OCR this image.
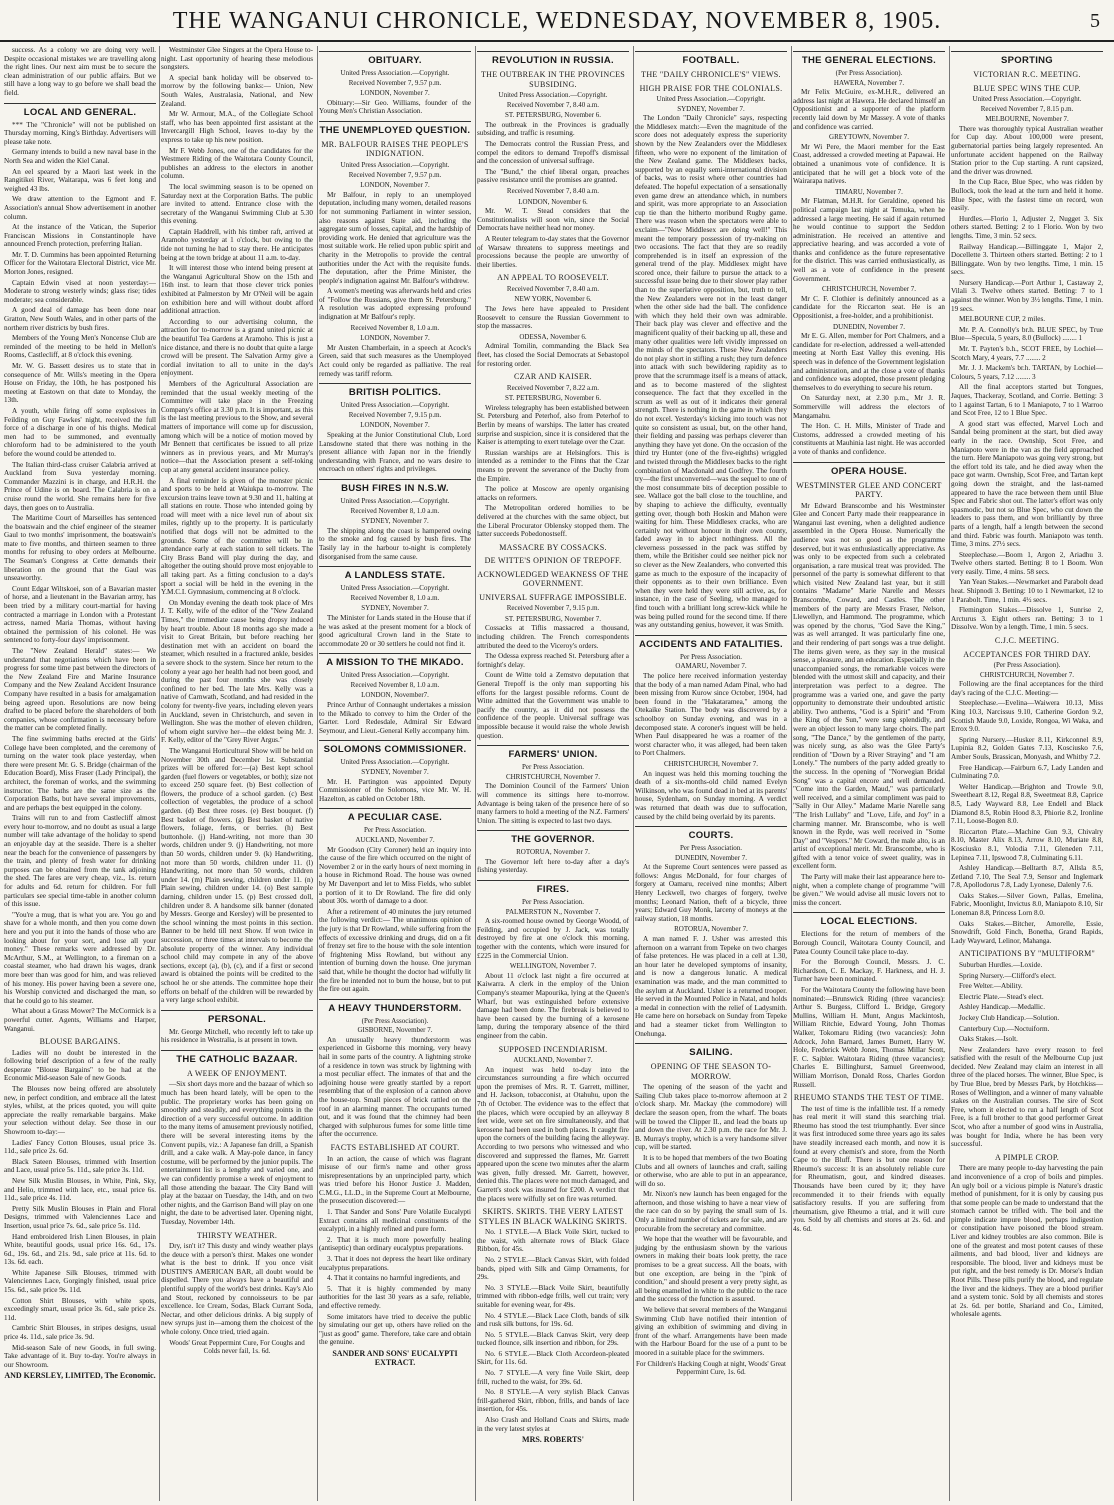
THE WANGANUI CHRONICLE, WEDNESDAY, NOVEMBER 8, 1905.	5

success. As a colony we are doing very well. Despite occasional mistakes we are travelling along the right lines. Our next aim must be to secure the clean administration of our public affairs. But we still have a long way to go before we shall bead the field.

LOCAL AND GENERAL.

*** The "Chronicle" will not be published on Thursday morning, King's Birthday. Advertisers will please take note.

Germany intends to build a new naval base in the North Sea and widen the Kiel Canal.

An eel speared by a Maori last week in the Rangitikei River, Waitarapa, was 6 feet long and weighed 43 lbs.

We draw attention to the Egmont and F. Association's annual Show advertisement in another column.

At the instance of the Vatican, the Superior Franciscan Missions in Constantinople have announced French protection, preferring Italian.

Mr. T. D. Cummins has been appointed Returning Officer for the Waitotara Electoral District, vice Mr. Morton Jones, resigned.

Captain Edwin vised at noon yesterday:—Moderate to strong westerly winds; glass rise; tides moderate; sea considerable.

A good deal of damage has been done near Gratton, New South Wales, and in other parts of the northern river districts by bush fires.

Members of the Young Men's Noncense Club are reminded of the meeting to be held in Mellon's Rooms, Castlecliff, at 8 o'clock this evening.

Mr. W. G. Bassett desires us to state that in consequence of Mr. Wills's meeting in the Opera House on Friday, the 10th, he has postponed his meeting at Eastown on that date to Monday, the 13th.

A youth, while firing off some explosives in Feilding on Guy Fawkes' night, received the full force of a discharge in one of his thighs. Medical men had to be summoned, and eventually chloroform had to be administered to the youth before the wound could be attended to.

The Italian third-class cruiser Calabria arrived at Auckland from Suva yesterday morning. Commander Mazzini is in charge, and H.R.H. the Prince of Udine is on board. The Calabria is on a cruise round the world. She remains here for five days, then goes on to Australia.

The Maritime Court of Marseilles has sentenced the boatswain and the chief engineer of the steamer Gaul to two months' imprisonment, the boatswain's mate to five months, and thirteen seamen to three months for refusing to obey orders at Melbourne. The Seaman's Congress at Cette demands their liberation on the ground that the Gaul was unseaworthy.

Count Edgar Wiltskoei, son of a Bavarian master of horse, and a lieutenant in the Bavarian army, has been tried by a military court-martial for having contracted a marriage in London with a Protestant actress, named Maria Thomas, without having obtained the permission of his colonel. He was sentenced to forty-four days' imprisonment.

The "New Zealand Herald" states:— We understand that negotiations which have been in progress for some time past between the directors of the New Zealand Fire and Marine Insurance Company and the New Zealand Accident Insurance Company have resulted in a basis for amalgamation being agreed upon. Resolutions are now being drafted to be placed before the shareholders of both companies, whose confirmation is necessary before the matter can be completed finally.

The fine swimming baths erected at the Girls' College have been completed, and the ceremony of turning on the water took place yesterday, when there were present Mr. G. S. Bridge (chairman of the Education Board), Miss Fraser (Lady Principal), the architect, the foreman of works, and the swimming instructor. The baths are the same size as the Corporation Baths, but have several improvements, and are perhaps the best equipped in the colony.

Trains will run to and from Castlecliff almost every hour to-morrow, and no doubt as usual a large number will take advantage of the holiday to spend an enjoyable day at the seaside. There is a shelter near the beach for the convenience of passengers by the train, and plenty of fresh water for drinking purposes can be obtained from the tank adjoining the shed. The fares are very cheap, viz., 1s. return for adults and 6d. return for children. For full particulars see special time-table in another column of this issue.

"You're a mug, that is what you are. You go and shave for a whole month, and then you come down here and you put it into the hands of those who are looking about for your sort, and lose all your money." These remarks were addressed by Dr. McArthur, S.M., at Wellington, to a fireman on a coastal steamer, who had drawn his wages, drank more beer than was good for him, and was relieved of his money. His power having been a severe one, his Worship convicted and discharged the man, so that he could go to his steamer.

What about a Grass Mower? The McCormick is a powerful cutter. Agents, Williams and Harper, Wanganui.

BLOUSE BARGAINS.

Ladies will no doubt be interested in the following brief description of a few of the really desperate "Blouse Bargains" to be had at the Economic Mid-season Sale of new Goods.

The Blouses now being offered are absolutely new, in perfect condition, and embrace all the latest styles, whilst, at the prices quoted, you will quite appreciate the really remarkable bargains. Make your selection without delay. See those in our Showroom to-day:—

Ladies' Fancy Cotton Blouses, usual price 3s. 11d., sale price 2s. 6d.

Black Sateen Blouses, trimmed with Insertion and Lace, usual price 5s. 11d., sale price 3s. 11d.

New Silk Muslin Blouses, in White, Pink, Sky, and Helio, trimmed with lace, etc., usual price 6s. 11d., sale price 4s. 11d.

Pretty Silk Muslin Blouses in Plain and Floral Designs, trimmed with Valenciennes Lace and Insertion, usual price 7s. 6d., sale price 5s. 11d.

Hand embroidered Irish Linen Blouses, in plain White, beautiful goods, usual price 16s. 6d., 17s. 6d., 19s. 6d., and 21s. 9d., sale price at 11s. 6d. to 13s. 6d. each.

White Japanese Silk Blouses, trimmed with Valenciennes Lace, Gorgingly finished, usual price 15s. 6d., sale price 9s. 11d.

Cotton Shirt Blouses, with white spots, exceedingly smart, usual price 3s. 6d., sale price 2s. 11d.

Cambric Shirt Blouses, in stripes designs, usual price 4s. 11d., sale price 3s. 9d.

Mid-season Sale of new Goods, in full swing. Take advantage of it. Buy to-day. You're always in our Showroom.

AND KERSLEY, LIMITED, The Economic.

Westminster Glee Singers at the Opera House to-night. Last opportunity of hearing these melodious songsters.

A special bank holiday will be observed to-morrow by the following banks:— Union, New South Wales, Australasia, National, and New Zealand.

Mr W. Armour, M.A., of the Collegiate School staff, who has been appointed first assistant at the Invercargill High School, leaves to-day by the express to take up his new position.

Mr F. Webb Jones, one of the candidates for the Westmere Riding of the Waitotara County Council, publishes an address to the electors in another column.

The local swimming season is to be opened on Saturday next at the Corporation Baths. The public are invited to attend. Entrance close with the secretary of the Wanganui Swimming Club at 5.30 this evening.

Captain Haddrell, with his timber raft, arrived at Aramoho yesterday at 1 o'clock, but owing to the tide not turning he had to stay there. He anticipates being at the town bridge at about 11 a.m. to-day.

It will interest those who intend being present at the Wanganui Agricultural Show on the 15th and 16th inst. to learn that those clever trick ponies exhibited at Palmerston by Mr O'Neil will be again on exhibition here and will without doubt afford additional attraction.

According to our advertising column, the attraction for to-morrow is a grand united picnic at the beautiful Tea Gardens at Aramoho. This is just a nice distance, and there is no doubt that quite a large crowd will be present. The Salvation Army give a cordial invitation to all to unite in the day's enjoyment.

Members of the Agricultural Association are reminded that the usual weekly meeting of the Committee will take place in the Freezing Company's office at 3.30 p.m. It is important, as this is the last meeting previous to the Show, and several matters of importance will come up for discussion, among which will be a notice of motion moved by Mr Bennett that certificates be issued to all prize winners as in previous years, and Mr Murray's notice—that the Association present a self-toking cup at any general accident insurance policy.

A final reminder is given of the monster picnic and sports to be held at Waiukpa to-morrow. The excursion trains leave town at 9.30 and 11, halting at all stations en route. Those who intended going by road will meet with a nice level run of about six miles, rightly up to the property. It is particularly notified that dogs will not be admitted to the grounds. Some of the committee will be in attendance early at each station to sell tickets. The City Brass Band will play during the day, and altogether the outing should prove most enjoyable to all taking part. As a fitting conclusion to a day's sport a social will be held in the evening in the Y.M.C.I. Gymnasium, commencing at 8 o'clock.

On Monday evening the death took place of Mrs J. T. Kelly, wife of the editor of the "New Zealand Times," the immediate cause being dropsy induced by heart trouble. About 18 months ago she made a visit to Great Britain, but before reaching her destination met with an accident on board the steamer, which resulted in a fractured ankle, besides a severe shock to the system. Since her return to the colony a year ago her health had not been good, and during the past four months she was closely confined to her bed. The late Mrs. Kelly was a native of Carnwath, Scotland, and had resided in the colony for twenty-five years, including eleven years in Auckland, seven in Christchurch, and seven in Wellington. She was the mother of eleven children, of whom eight survive her—the eldest being Mr. J. F. Kelly, editor of the "Grey River Argus."

The Wanganui Horticultural Show will be held on November 30th and December 1st. Substantial prizes will be offered for:—(a) Best kept school garden (fuel flowers or vegetables, or both); size not to exceed 250 square feet. (b) Best collection of flowers, the produce of a school garden. (c) Best collection of vegetables, the produce of a school garden. (d) Best three roses. (e) Best bouquet. (f) Best basket of flowers. (g) Best basket of native flowers, foliage, ferns, or berries. (h) Best buttonhole. (j) Hand-writing, not more than 30 words, children under 9. (j) Handwriting, not more than 50 words, children under 9. (k) Handwriting, not more than 50 words, children under 11. (l) Handwriting, not more than 50 words, children under 14. (m) Plain sewing, children under 11. (n) Plain sewing, children under 14. (o) Best sample darning, children under 15. (p) Best crossed doll, children under 8. A handsome silk banner (donated by Messrs. George and Kersley) will be presented to the school winning the most points in this section. Banner to be held till next Show. If won twice in succession, or three times at intervals to become the absolute property of the winner. Any individual school child may compete in any of the above sections, except (a), (b), (c), and if a first or second award is obtained the points will be credited to the school he or she attends. The committee hope their efforts on behalf of the children will be rewarded by a very large school exhibit.

PERSONAL.

Mr. George Mitchell, who recently left to take up his residence in Westralia, is at present in town.

THE CATHOLIC BAZAAR.
A WEEK OF ENJOYMENT.

—Six short days more and the bazaar of which so much has been heard lately, will be open to the public. The proprietary works has been going on smoothly and steadily, and everything points in the direction of a very successful outcome. In addition to the many items of amusement previously notified, there will be several interesting items by the Convent pupils, viz.: A Japanese fan drill, a Spanish drill, and a cake walk. A May-pole dance, in fancy costume, will be performed by the junior pupils. The entertainment list is a lengthy and varied one, and we can confidently promise a week of enjoyment to all those attending the bazaar. The City Band will play at the bazaar on Tuesday, the 14th, and on two other nights, and the Garrison Band will play on one night, the date to be advertised later. Opening night, Tuesday, November 14th.

THIRSTY WEATHER.

Dry, isn't it? This dusty and windy weather plays the deuce with a person's thirst. Makes one wonder what is the best to drink. If you once visit DUSTIN'S AMERICAN BAR, all doubt would be dispelled. There you always have a beautiful and plentiful supply of the world's best drinks. Kay's Alo and Stout, reckoned by connoisseurs to be par excellence. Ice Cream, Sodas, Black Currant Soda, Nectar, and other delicious drinks. A big supply of new syrups just in—among them the choicest of the whole colony. Once tried, tried again.

Woods' Great Peppermint Cure, For Coughs and Colds never fail, 1s. 6d.

OBITUARY.

United Press Association.—Copyright.

Received November 7, 9.57 p.m.

LONDON, November 7.

Obituary:—Sir Geo. Williams, founder of the Young Men's Christian Association.

THE UNEMPLOYED QUESTION.
MR. BALFOUR RAISES THE PEOPLE'S INDIGNATION.

United Press Association.—Copyright.

Received November 7, 9.57 p.m.

LONDON, November 7.

Mr Balfour, in reply to an unemployed deputation, including many women, detailed reasons for not summoning Parliament in winter session, also reasons against State aid, including the aggregate sum of losses, capital, and the hardship of providing work. He denied that agriculture was the most suitable work. He relied upon public spirit and charity in the Metropolis to provide the central authorities under the Act with the requisite funds. The deputation, after the Prime Minister, the people's indignation against Mr. Balfour's withdrew.

A women's meeting was afterwards held and cries of "Follow the Russians, give them St. Petersburg." A resolution was adopted expressing profound indignation at Mr Balfour's reply.

Received November 8, 1.0 a.m.

LONDON, November 7.

Mr Austen Chamberlain, in a speech at Acock's Green, said that such measures as the Unemployed Act could only be regarded as palliative. The real remedy was tariff reform.

BRITISH POLITICS.

United Press Association.—Copyright.

Received November 7, 9.15 p.m.

LONDON, November 7.

Speaking at the Junior Constitutional Club, Lord Lansdowne stated that there was nothing in the present alliance with Japan nor in the friendly understanding with France, and no wars desire to encroach on others' rights and privileges.

BUSH FIRES IN N.S.W.

United Press Association.—Copyright.

Received November 8, 1.0 a.m.

SYDNEY, November 7.

The shipping along the coast is hampered owing to the smoke and fog caused by bush fires. The Tasily lay in the harbour to-night is completely disorganised from the same cause.

A LANDLESS STATE.

United Press Association.—Copyright.

Received November 8, 1.0 a.m.

SYDNEY, November 7.

The Minister for Lands stated in the House that if he was asked at the present moment for a block of good agricultural Crown land in the State to accommodate 20 or 30 settlers he could not find it.

A MISSION TO THE MIKADO.

United Press Association.—Copyright.

Received November 8, 1.0 a.m.

LONDON, November7.

Prince Arthur of Connaught undertakes a mission to the Mikado to convey to him the Order of the Garter. Lord Redesdale, Admiral Sir Edward Seymour, and Lieut.-General Kelly accompany him.

SOLOMONS COMMISSIONER.

United Press Association.—Copyright.

SYDNEY, November 7.

Mr. H. Partington was appointed Deputy Commissioner of the Solomons, vice Mr. W. H. Hazelton, as cabled on October 18th.

A PECULIAR CASE.

Per Press Association.

AUCKLAND, November 7.

Mr Goodson (City Coroner) held an inquiry into the cause of the fire which occurred on the night of November 2 or in the early hours of next morning in a house in Richmond Road. The house was owned by Mr Davenport and let to Miss Fields, who sublet a portion of it to Dr Rowland. The fire did only about 30s. worth of damage to a door.

After a retirement of 40 minutes the jury returned the following verdict:— The unanimous opinion of the jury is that Dr Rowland, while suffering from the effects of excessive drinking and drugs, did on a fit of frenzy set fire to the house with the sole intention of frightening Miss Rowland, but without any intention of burning down the house. One juryman said that, while he thought the doctor had wilfully lit the fire he intended not to burn the house, but to put the fire out again.

A HEAVY THUNDERSTORM.

(Per Press Association).

GISBORNE, November 7.

An unusually heavy thunderstorm was experienced in Gisborne this morning, very heavy hail in some parts of the country. A lightning stroke of a residence in town was struck by lightning with a most peculiar effect. The inmates of that and the adjoining house were greatly startled by a report resembling that of the explosion of a cannon above the house-top. Small pieces of brick rattled on the roof in an alarming manner. The occupants turned out, and it was found that the chimney had been charged with sulphurous fumes for some little time after the occurrence.

FACTS ESTABLISHED AT COURT.

In an action, the cause of which was flagrant misuse of our firm's name and other gross misrepresentations by an unprincipled party, which was tried before his Honor Justice J. Madden, C.M.G., LL.D., in the Supreme Court at Melbourne, the prosecution discovered:—

1. That Sander and Sons' Pure Volatile Eucalypti Extract contains all medicinal constituents of the eucalypti, in a highly refined and pure form.

2. That it is much more powerfully healing (antiseptic) than ordinary eucalyptus preparations.

3. That it does not depress the heart like ordinary eucalyptus preparations.

4. That it contains no harmful ingredients, and

5. That it is highly commended by many authorities for the last 30 years as a safe, reliable, and effective remedy.

Some imitators have tried to deceive the public by simulating our get up, others have relied on the "just as good" game. Therefore, take care and obtain the genuine.

SANDER AND SONS' EUCALYPTI EXTRACT.

REVOLUTION IN RUSSIA.
THE OUTBREAK IN THE PROVINCES SUBSIDING.

United Press Association.—Copyright.

Received November 7, 8.40 a.m.

ST. PETERSBURG, November 6.

The outbreak in the Provinces is gradually subsiding, and traffic is resuming.

The Democrats control the Russian Press, and compel the editors to demand Trepoff's dismissal and the concession of universal suffrage.

The "Bund," the chief liberal organ, preaches passive resistance until the promises are granted.

Received November 7, 8.40 a.m.

LONDON, November 6.

Mr. W. T. Stead considers that the Constitutionalists will soon win, since the Social Democrats have neither head nor money.

A Reuter telegram to-day states that the Governor of Warsaw threatens to suppress meetings and processions because the people are unworthy of their liberties.

AN APPEAL TO ROOSEVELT.

Received November 7, 8.40 a.m.

NEW YORK, November 6.

The Jews here have appealed to President Roosevelt to censure the Russian Government to stop the massacres.

ODESSA, November 6.

Admiral Tomilin, commanding the Black Sea fleet, has closed the Social Democrats at Sebastopol for restoring order.

CZAR AND KAISER.

Received November 7, 8.22 a.m.

ST. PETERSBURG, November 6.

Wireless telegraphy has been established between St. Petersburg and Peterhof, also from Peterhof to Berlin by means of warships. The latter has created surprise and suspicion, since it is considered that the Kaiser is attempting to exert tutelage over the Czar.

Russian warships are at Helsingfors. This is intended as a reminder to the Finns that the Czar means to prevent the severance of the Duchy from the Empire.

The police at Moscow are openly organising attacks on reformers.

The Metropolitan ordered homilies to be delivered at the churches with the same object, but the Liberal Procurator Oblensky stopped them. The latter succeeds Pobedonostseff.

MASSACRE BY COSSACKS.
DE WITTE'S OPINION OF TREPOFF.
ACKNOWLEDGED WEAKNESS OF THE GOVERNMENT.
UNIVERSAL SUFFRAGE IMPOSSIBLE.

Received November 7, 9.15 p.m.

ST. PETERSBURG, November 7.

Cossacks at Tiflis massacred a thousand, including children. The French correspondents attributed the deed to the Viceroy's orders.

The Odessa express reached St. Petersburg after a fortnight's delay.

Count de Witte told a Zemstvo deputation that General Trepoff is the only man supporting his efforts for the largest possible reforms. Count de Witte admitted that the Government was unable to pacify the country, as it did not possess the confidence of the people. Universal suffrage was impossible because it would raise the whole Jewish question.

FARMERS' UNION.

Per Press Association.

CHRISTCHURCH, November 7.

The Dominion Council of the Farmers' Union will commence its sittings here to-morrow. Advantage is being taken of the presence here of so many farmers to hold a meeting of the N.Z. Farmers' Union. The sitting is expected to last two days.

THE GOVERNOR.

ROTORUA, November 7.

The Governor left here to-day after a day's fishing yesterday.

FIRES.

Per Press Association.

PALMERSTON N., November 7.

A six-roomed house owned by George Woodd, of Feilding, and occupied by J. Jack, was totally destroyed by fire at one o'clock this morning, together with the contents, which were insured for £225 in the Commercial Union.

WELLINGTON, November 7.

About 11 o'clock last night a fire occurred at Kaiwarra. A clerk in the employ of the Union Company's steamer Mapourika, lying at the Queen's Wharf, but was extinguished before extensive damage had been done. The firebreak is believed to have been caused by the burning of a kerosene lamp, during the temporary absence of the third engineer from the cabin.

SUPPOSED INCENDIARISM.

AUCKLAND, November 7.

An inquest was held to-day into the circumstances surrounding a fire which occurred upon the premises of Mrs. R. T. Garrett, milliner, and H. Jackson, tobacconist, at Otahuhu, upon the 7th of October. The evidence was to the effect that the places, which were occupied by an alleyway 8 feet wide, were set on fire simultaneously, and that kerosene had been used in both places. It caught fire upon the corners of the building facing the alleyway. According to two persons who witnessed and who discovered and suppressed the flames, Mr. Garrett appeared upon the scene two minutes after the alarm was given, fully dressed. Mr. Garrett, however, denied this. The places were not much damaged, and Garrett's stock was insured for £200. A verdict that the places were wilfully set on fire was returned.

SKIRTS. SKIRTS. THE VERY LATEST STYLES IN BLACK WALKING SKIRTS.

No. 1 STYLE.—A Black Voile Skirt, tucked to the waist, with alternate rows of Black Glace Ribbon, for 45s.

No. 2 STYLE.—Black Canvas Skirt, with folded bands, piped with Silk and Gimp Ornaments, for 29s.

No. 3 STYLE.—Black Voile Skirt, beautifully trimmed with ribbon-edge frills, well cut train; very suitable for evening wear, for 49s.

No. 4 STYLE.—Black Lace Cloth, bands of silk and rusk silk buttons, for 19s. 6d.

No. 5 STYLE.—Black Canvas Skirt, very deep tucked flounce, silk insertion and ribbon, for 29s.

No. 6 STYLE.—Black Cloth Accordeon-pleated Skirt, for 11s. 6d.

No. 7 STYLE.—A very fine Voile Skirt, deep frill, ruched to the waist, for 39s. 6d.

No. 8 STYLE.—A very stylish Black Canvas frill-gathered Skirt, ribbon, frills, and bands of lace insertion, for 45s.

Also Crash and Holland Coats and Skirts, made in the very latest styles at

MRS. ROBERTS'

FOOTBALL.
THE "DAILY CHRONICLE'S" VIEWS.
HIGH PRAISE FOR THE COLONIALS.

United Press Association.—Copyright.

SYDNEY, November 7.

The London "Daily Chronicle" says, respecting the Middlesex match:—Even the magnitude of the score does not adequately express the superiority shown by the New Zealanders over the Middlesex fifteen, who were no exponent of the limitation of the New Zealand game. The Middlesex backs, supported by an equally semi-international division of backs, was to resist where other countries had defeated. The hopeful expectation of a sensationally even game drew an attendance which, in numbers and spirit, was more appropriate to an Association cup tie than the hitherto moribund Rugby game. There was reason when the spectators were able to exclaim—"Now Middlesex are doing well!" This meant the temporary possession of try-making on two occasions. The fact that they are so readily comprehended is in itself an expression of the general trend of the play. Middlesex might have scored once, their failure to pursue the attack to a successful issue being due to their slower play rather than to the superlative opposition, but, truth to tell, the New Zealanders were not in the least danger when the other side had the ball. The confidence with which they held their own was admirable. Their back play was clever and effective and the magnificent quality of their backing up all, these and many other qualities were left vividly impressed on the minds of the spectators. These New Zealanders do not play short in stifling a rush; they turn defence into attack with such bewildering rapidity as to prove that the scrummage itself is a means of attack, and as to become mastered of the slightest consequence. The fact that they excelled in the scrum as well as out of it indicates their general strength. There is nothing in the game in which they do not excel. Yesterday's kicking into touch was not quite so consistent as usual, but, on the other hand, their fielding and passing was perhaps cleverer than anything they have yet done. On the occasion of the third try Hunter (one of the five-eighths) wriggled and twisted through the Middlesex backs to the right combination of Macdonald and Godfrey. The fourth try—the first unconverted—was the sequel to one of the most consummate bits of deception possible to see. Wallace got the ball close to the touchline, and by shaping to achieve the difficulty, eventually getting over, though both Hoskin and Mahon were waiting for him. These Middlesex cracks, who are certainly not without honour in their own county, faded away in to abject nothingness. All the cleverness possessed in the pack was stiffed by them, while the Britisher could see neither pick nor so clever as the New Zealanders, who converted this game as much to the exposure of the incapacity of their opponents as to their own brilliance. Even when they were held they were still active, as, for instance, in the case of Seeling, who managed to find touch with a brilliant long screw-kick while he was being pulled round for the second time. If there was any outstanding genius, however, it was Smith.

ACCIDENTS AND FATALITIES.

Per Press Association.

OAMARU, November 7.

The police here received information yesterday that the body of a man named Adam Pinal, who had been missing from Kurow since October, 1904, had been found in the "Hakataramea," among the Otekaike Station. The body was discovered by a schoolboy on Sunday evening, and was in a decomposed state. A coroner's inquest will be held. When Paul disappeared he was a roamer of the worst character who, it was alleged, had been taken to Port Chalmers.

CHRISTCHURCH, November 7.

An inquest was held this morning touching the death of a six-months-old child named Evelyn Wilkinson, who was found dead in bed at its parents' house, Sydenham, on Sunday morning. A verdict was returned that death was due to suffocation, caused by the child being overlaid by its parents.

COURTS.

Per Press Association.

DUNEDIN, November 7.

At the Supreme Court sentences were passed as follows: Angus McDonald, for four charges of forgery at Oamaru, received nine months; Albert Henry Leckwell, two charges of forgery, twelve months; Leonard Nation, theft of a bicycle, three years; Edward Guy Monk, larceny of moneys at the railway station, 18 months.

ROTORUA, November 7.

A man named F. J. Usher was arrested this afternoon on a warrant from Tepeke on two charges of false pretences. He was placed in a cell at 1.30, an hour later he developed symptoms of insanity, and is now a dangerous lunatic. A medical examination was made, and the man committed to the asylum at Auckland. Usher is a returned trooper. He served in the Mounted Police in Natal, and holds a medal in connection with the relief of Ladysmith. He came here on horseback on Sunday from Tepeke and had a steamer ticket from Wellington to Onehunga.

SAILING.
OPENING OF THE SEASON TO-MORROW.

The opening of the season of the yacht and Sailing Club takes place to-morrow afternoon at 2 o'clock sharp. Mr. Mackay (the commodore) will declare the season open, from the wharf. The boats will be towed the Clipper II., and lead the boats up and down the river. At 2.30 p.m. the race for Mr. J. B. Murray's trophy, which is a very handsome silver cup, will be started.

It is to be hoped that members of the two Boating Clubs and all owners of launches and craft, sailing or otherwise, who are able to put in an appearance, will do so.

Mr. Nixon's new launch has been engaged for the afternoon, and those wishing to have a near view of the race can do so by paying the small sum of 1s. Only a limited number of tickets are for sale, and are procurable from the secretary and committee.

We hope that the weather will be favourable, and judging by the enthusiasm shown by the various owners in making their boats look pretty, the race promises to be a great success. All the boats, with but one exception, are being in the "pink of condition," and should present a very pretty sight, as all being enamelled in white to the public to the race and the success of the function is assured.

We believe that several members of the Wanganui Swimming Club have notified their intention of giving an exhibition of swimming and diving in front of the wharf. Arrangements have been made with the Harbour Board for the use of a punt to be moored in a suitable place for the swimmers.

For Children's Hacking Cough at night, Woods' Great Peppermint Cure, 1s. 6d.

THE GENERAL ELECTIONS.

(Per Press Association).

HAWERA, November 7.

Mr Felix McGuire, ex-M.H.R., delivered an address last night at Hawera. He declared himself an Oppositionist and a supporter of the platform recently laid down by Mr Massey. A vote of thanks and confidence was carried.

GREYTOWN, November 7.

Mr Wi Pere, the Maori member for the East Coast, addressed a crowded meeting at Papawai. He obtained a unanimous vote of confidence. It is anticipated that he will get a block vote of the Wairarapa natives.

TIMARU, November 7.

Mr Flatman, M.H.R. for Geraldine, opened his political campaign last night at Temuka, when he addressed a large meeting. He said if again returned he would continue to support the Seddon administration. He received an attentive and appreciative hearing, and was accorded a vote of thanks and confidence as the future representative for the district. This was carried enthusiastically, as well as a vote of confidence in the present Government.

CHRISTCHURCH, November 7.

Mr C. F. Clothier is definitely announced as a candidate for the Riccarton seat. He is an Oppositionist, a free-holder, and a prohibitionist.

DUNEDIN, November 7.

Mr E. G. Allen, member for Port Chalmers, and a candidate for re-election, addressed a well-attended meeting at North East Valley this evening. His speech was in defence of the Government legislation and administration, and at the close a vote of thanks and confidence was adopted, those present pledging themselves to do everything to secure his return.

On Saturday next, at 2.30 p.m., Mr J. R. Sommerville will address the electors of Mangamahu.

The Hon. C. H. Mills, Minister of Trade and Customs, addressed a crowded meeting of his constituents at Mauhinia last night. He was accorded a vote of thanks and confidence.

OPERA HOUSE.
WESTMINSTER GLEE AND CONCERT PARTY.

Mr Edward Branscombe and his Westminster Glee and Concert Party made their reappearance in Wanganui last evening, when a delighted audience assembled in the Opera House. Numerically the audience was not so good as the programme deserved, but it was enthusiastically appreciative. As was only to be expected from such a celebrated organisation, a rare musical treat was provided. The personnel of the party is somewhat different to that which visited New Zealand last year, but it still contains "Madame" Marie Narelle and Messrs Branscombe, Coward, and Castles. The other members of the party are Messrs Fraser, Nelson, Llewellyn, and Hammond. The programme, which was opened by the chorus, "God Save the King," was as well arranged. It was particularly fine one, and their rendering of part songs was a true delight. The items given were, as they say in the musical sense, a pleasure, and an education. Especially in the unaccompanied songs, the remarkable voices were blended with the utmost skill and capacity, and their interpretation was perfect to a degree. The programme was a varied one, and gave the party opportunity to demonstrate their undoubted artistic ability. Two anthems, "God is a Spirit" and "From the King of the Sun," were sung splendidly, and were an object lesson to many large choirs. The part song, "The Dance," by the gentlemen of the party, was nicely sung, as also was the Glee Party's rendition of "Down by a River Straying" and "I am Lonely." The numbers of the party added greatly to the success. In the opening of "Norwegian Bridal Song" was a capital encore and well demanded. "Come into the Garden, Maud," was particularly well received, and a similar compliment was paid to "Sally in Our Alley." Madame Marie Narelle sang "The Irish Lullaby" and "Love, Life, and Joy" in a charming manner. Mr. Branscombe, who is well known in the Ryde, was well received in "Some Day" and "Vespers." Mr Coward, the male alto, is an artist of exceptional merit. Mr. Branscombe, who is gifted with a tenor voice of sweet quality, was in excellent form.

The Party will make their last appearance here to-night, when a complete change of programme "will be given." We would advise all music lovers not to miss the concert.

LOCAL ELECTIONS.

Elections for the return of members of the Borough Council, Waitotara County Council, and Patea County Council take place to-day.

For the Borough Council, Messrs. J. C. Richardson, C. E. Mackay, F. Harkness, and H. J. Turner have been nominated.

For the Waitotara County the following have been nominated:—Brunswick Riding (three vacancies): Arthur S. Burgess, Clifford L. Bridge, Gregory Mullins, William H. Munt, Angus Mackintosh, William Ritchie, Edward Young, John Thomas Walker, Tokomaru Riding (two vacancies): John Adcock, John Barnard, James Burnett, Harry W. Hole, Frederick Webb Jones, Thomas Millar Scott, F. C. Sajbler. Waitotara Riding (three vacancies): Charles E. Billinghurst, Samuel Greenwood, William Morrison, Donald Ross, Charles Gordon Russell.

RHEUMO STANDS THE TEST OF TIME.

The test of time is the infallible test. If a remedy has real merit it will stand this searching trial. Rheumo has stood the test triumphantly. Ever since it was first introduced some three years ago its sales have steadily increased each month, and now it is found at every chemist's and store, from the North Cape to the Bluff. There is but one reason for Rheumo's success: It is an absolutely reliable cure for Rheumatism, gout, and kindred diseases. Thousands have been cured by it; they have recommended it to their friends with equally satisfactory results. If you are suffering from rheumatism, give Rheumo a trial, and it will cure you. Sold by all chemists and stores at 2s. 6d. and 4s. 6d.

SPORTING
VICTORIAN R.C. MEETING.
BLUE SPEC WINS THE CUP.

United Press Association.—Copyright.

Received November 7, 8.15 p.m.

MELBOURNE, November 7.

There was thoroughly typical Australian weather for Cup day. About 100,000 were present, gubernatorial parties being largely represented. An unfortunate accident happened on the Railway Station prior to the Cup starting. A runt capsized, and the driver was drowned.

In the Cup Race, Blue Spec, who was ridden by Bullock, took the lead at the turn and held it home. Blue Spec, with the fastest time on record, won easily.

Hurdles.—Florio 1, Adjuster 2, Nugget 3. Six others started. Betting: 2 to 1 Florio. Won by two lengths. Time, 3 min. 52 secs.

Railway Handicap.—Billinggate 1, Major 2, Docellette 3. Thirteen others started. Betting: 2 to 1 Billinggate. Won by two lengths. Time, 1 min. 15 secs.

Nursery Handicap.—Port Arthur 1, Castaway 2, Vilali 3. Twelve others started. Betting: 7 to 1 against the winner. Won by 3½ lengths. Time, 1 min. 19 secs.

MELBOURNE CUP, 2 miles.

Mr. P. A. Connolly's br.h. BLUE SPEC, by True Blue—Specula, 5 years, 8.0 (Bullock) ........ 1

Mr. T. Payten's b.h., SCOT FREE, by Lochiel—Scotch Mary, 4 years, 7.7 ........ 2

Mr. J. J. Mackem's br.h. TARTAN, by Lochiel—Colours, 5 years, 7.12 ........ 3

All the final acceptors started but Tongues, Jaques, Thackeray, Scotland, and Corrie. Betting: 3 to 1 against Tartan, 6 to 1 Maniapoto, 7 to 1 Warroo and Scot Free, 12 to 1 Blue Spec.

A good start was effected, Marvel Loch and Sandal being prominent at the start, but died away early in the race. Ownship, Scot Free, and Maniapoto were in the van as the field approached the turn. Here Maniapoto was going very strong, but the effort told its tale, and he died away when the pace got warm. Ownship, Scot Free, and Tartan kept going down the straight, and the last-named appeared to have the race between them until Blue Spec and Fabric shot out. The latter's effort was only spasmodic, but not so Blue Spec, who cut down the leaders to pass them, and won brilliantly by three parts of a length, half a length between the second and third. Fabric was fourth. Maniapoto was tenth. Time, 3 mins. 27½ secs.

Steeplechase.—Boom 1, Argon 2, Ariadhu 3. Twelve others started. Betting: 8 to 1 Boom. Won very easily. Time, 4 mins. 58 secs.

Yan Yean Stakes.—Newmarket and Parabolt dead heat. Shipnodi 3. Betting: 10 to 1 Newmarket, 12 to 1 Parabolt. Time, 1 min. 4½ secs.

Flemington Stakes.—Dissolve 1, Sunrise 2, Arcturus 3. Eight others ran. Betting: 3 to 1 Dissolve. Won by a length. Time, 1 min. 5 secs.

C.J.C. MEETING.
ACCEPTANCES FOR THIRD DAY.

(Per Press Association).

CHRISTCHURCH, November 7.

Following are the final acceptances for the third day's racing of the C.J.C. Meeting:—

Steeplechase.—Evelina—Waiwera 10.13, Miss King 10.3, Narcissus 9.10, Catherine Gordon 9.2, Scottish Maude 9.0, Loxide, Rongoa, Wi Waka, and Errox 9.0.

Spring Nursery.—Husker 8.11, Kirkconnel 8.9, Lupinia 8.2, Golden Gates 7.13, Kosciusko 7.6, Amber Souls, Brassican, Monyash, and Whitby 7.2.

Free Handicap.—Fairburn 6.7, Lady Landen and Culminating 7.0.

Welter Handicap.—Brighton and Trowle 9.0, Sweetheart 8.12, Regal 8.8, Sweetmeat 8.8, Caprice 8.5, Lady Wayward 8.8, Lee Endell and Black Diamond 8.5, Robin Hood 8.3, Phiorie 8.2, Ironline 7.11, Loose-Bogen 8.0.

Riccarton Plate.—Machine Gun 9.3, Chivalry 8.10, Master Alix 8.13, Arrow 8.10, Muriate 8.8, Kosciusko 8.1, Volodia 7.11, Gleneden 7.11, Lepinea 7.11, Ipswood 7.8, Culminating 6.11.

Ashley Handicap.—Belltarth 8.7, Allsla 8.5, Zetland 7.10, The Seal 7.9, Sensor and Inglemark 7.8, Apollodorus 7.8, Lady Lyonese, Dalenly 7.6.

Oaks Stakes.—Silver Gown, Pallas, Emelina, Fabric, Moonlight, Invictus 8.0, Maniapoto 8.10, Sir Loneman 8.8, Princess Lorn 8.0.

Oaks Stakes.—Bitcher, Amorelle, Essie, Snowdrift, Gold Finch, Bonetha, Grand Rapids, Lady Wayward, Lelinor, Mahanga.

ANTICIPATIONS BY "MULTIFORM"

Suburban Hurdles.—Loxide.

Spring Nursery.—Clifford's elect.

Free Welter.—Ability.

Electric Plate.—Stead's elect.

Ashley Handicap.—Medallic.

Jockey Club Handicap.—Solution.

Canterbury Cup.—Noctuiform.

Oaks Stakes.—Isolt.

New Zealanders have every reason to feel satisfied with the result of the Melbourne Cup just decided. New Zealand may claim an interest in all three of the placed horses. The winner, Blue Spec, is by True Blue, bred by Messrs Park, by Hotchkiss—Roses of Wellington, and a winner of many valuable stakes on the Australian courses. The sire of Scot Free, whom it elected to run a half length of Scot Free, is a full brother to that good performer Great Scot, who after a number of good wins in Australia, was bought for India, where he has been very successful.

A PIMPLE CROP.

There are many people to-day harvesting the pain and inconvenience of a crop of boils and pimples. An ugly boil or a vicious pimple is Nature's drastic method of punishment, for it is only by causing pus that some people can be made to understand that the stomach cannot be trifled with. The boil and the pimple indicate impure blood, perhaps indigestion or constipation have poisoned the blood stream. Liver and kidney troubles are also common. Bile is one of the greatest and most potent causes of these ailments, and bad blood, liver and kidneys are responsible. The blood, liver and kidneys must be put right, and the best remedy is Dr. Morse's Indian Root Pills. These pills purify the blood, and regulate the liver and the kidneys. They are a blood purifier and a system tonic. Sold by all chemists and stores at 2s. 6d. per bottle, Shariand and Co., Limited, wholesale agents.
